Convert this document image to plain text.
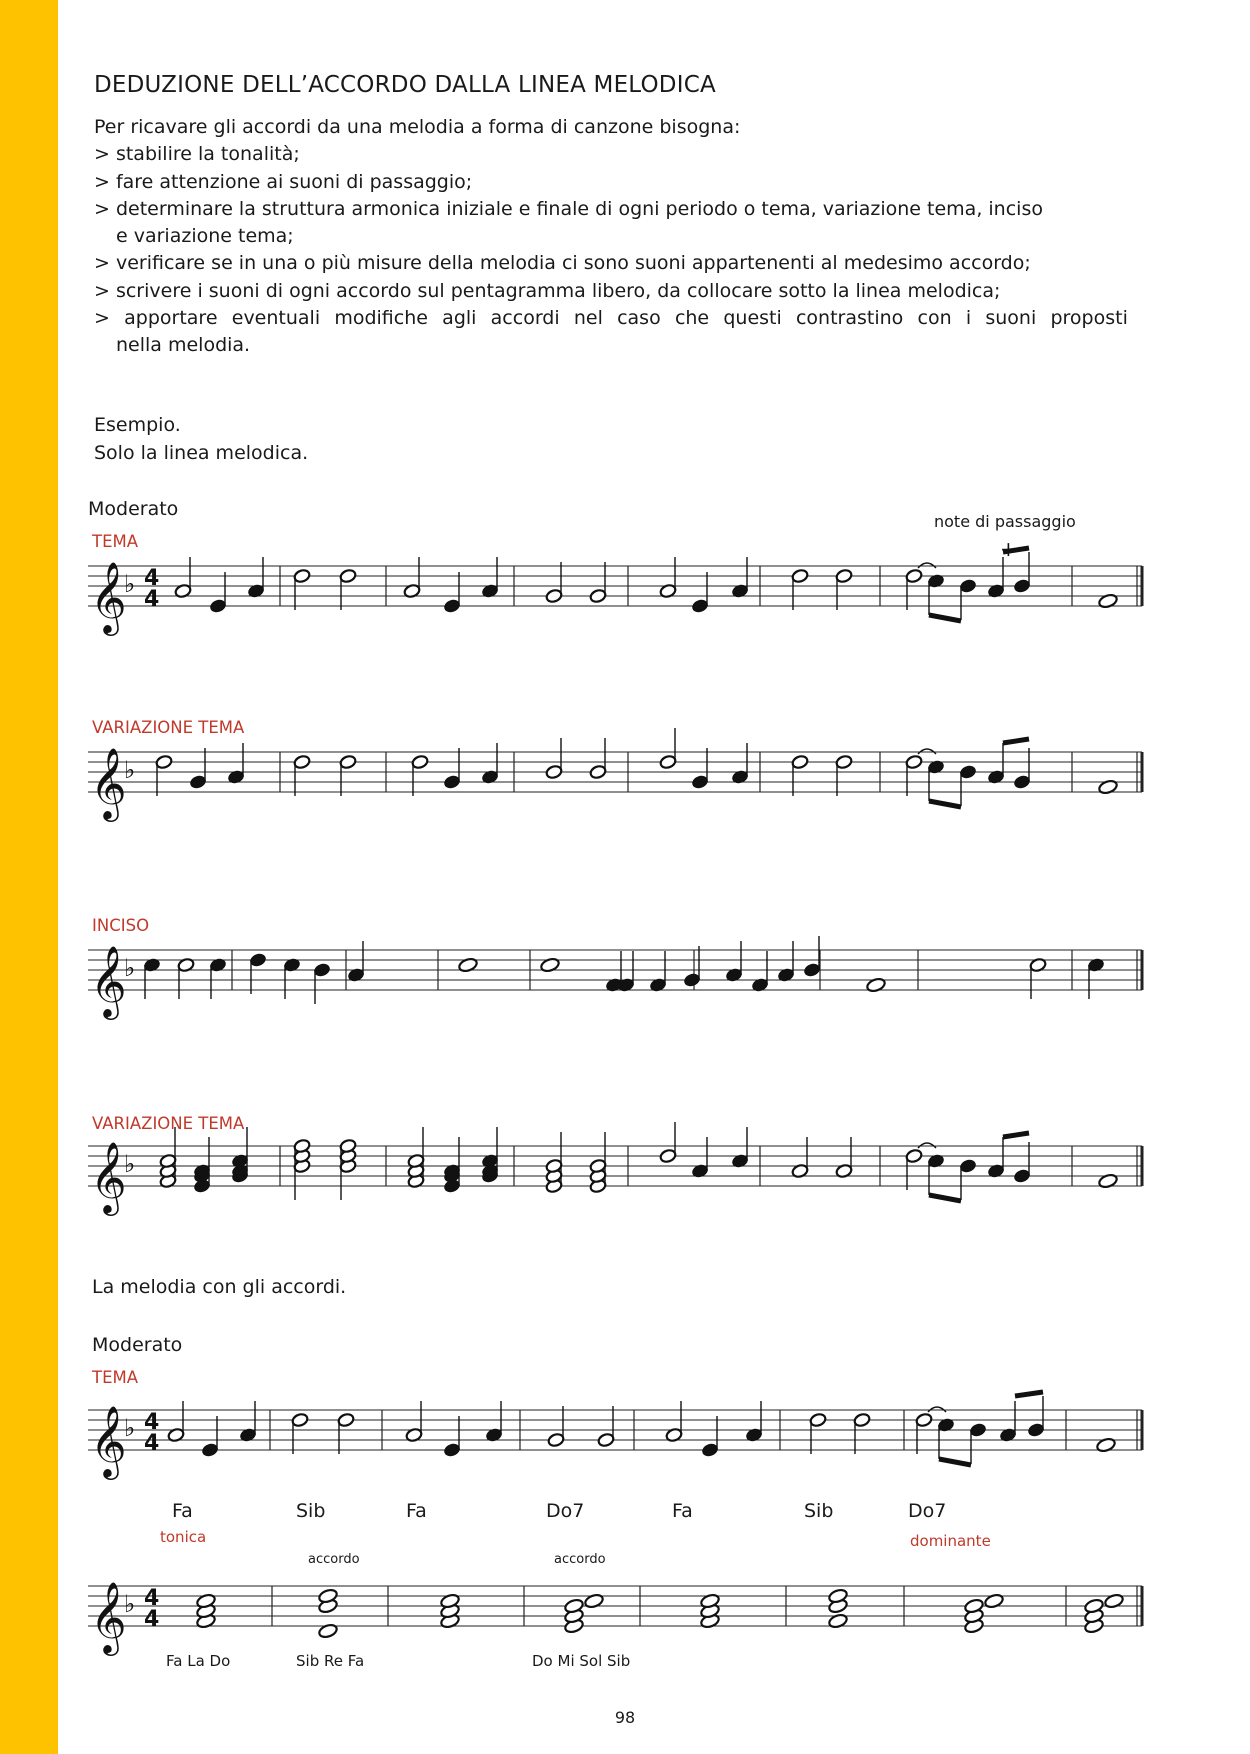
DEDUZIONE DELL’ACCORDO DALLA LINEA MELODICA
Per ricavare gli accordi da una melodia a forma di canzone bisogna:
> stabilire la tonalità;
> fare attenzione ai suoni di passaggio;
> determinare la struttura armonica iniziale e finale di ogni periodo o tema, variazione tema, inciso
e variazione tema;
> verificare se in una o più misure della melodia ci sono suoni appartenenti al medesimo accordo;
> scrivere i suoni di ogni accordo sul pentagramma libero, da collocare sotto la linea melodica;
> apportare eventuali modifiche agli accordi nel caso che questi contrastino con i suoni proposti
nella melodia.
Esempio.
Solo la linea melodica.
Moderato
TEMA
note di passaggio
VARIAZIONE TEMA
INCISO
VARIAZIONE TEMA
La melodia con gli accordi.
Moderato
TEMA
Fa	Sib	Fa	Do7	Fa	Sib	Do7
tonica	dominante
accordo	accordo
Fa La Do	Sib Re Fa	Do Mi Sol Sib
98
𝄞
♭ 4
4
+
𝄞
♭
𝄞
♭
𝄞
♭
𝄞
♭ 4
4
𝄞
♭ 4
4
